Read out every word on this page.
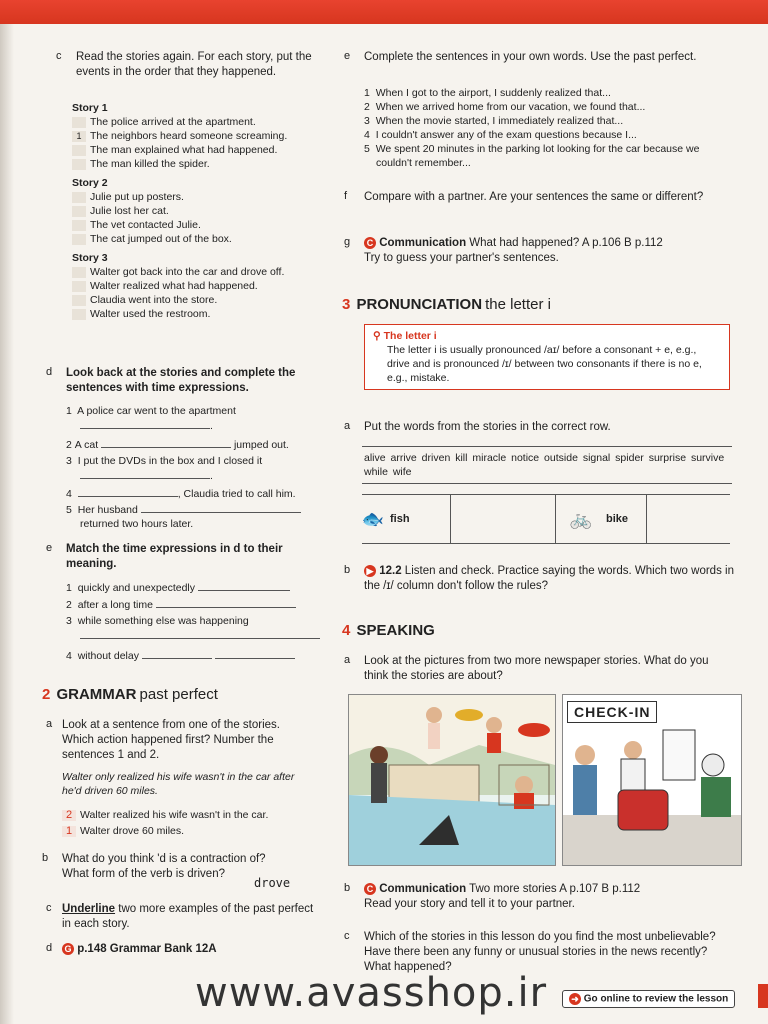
c Read the stories again. For each story, put the events in the order that they happened.
Story 1
The police arrived at the apartment.
1 The neighbors heard someone screaming.
The man explained what had happened.
The man killed the spider.
Story 2
Julie put up posters.
Julie lost her cat.
The vet contacted Julie.
The cat jumped out of the box.
Story 3
Walter got back into the car and drove off.
Walter realized what had happened.
Claudia went into the store.
Walter used the restroom.
d Look back at the stories and complete the sentences with time expressions.
1 A police car went to the apartment
.
2 A cat	jumped out.
3 I put the DVDs in the box and I closed it
.
4	, Claudia tried to call him.
5 Her husband
returned two hours later.
e Match the time expressions in d to their meaning.
1 quickly and unexpectedly
2 after a long time
3 while something else was happening

4 without delay
2 GRAMMAR past perfect
a Look at a sentence from one of the stories. Which action happened first? Number the sentences 1 and 2.
Walter only realized his wife wasn't in the car after he'd driven 60 miles.
2 Walter realized his wife wasn't in the car.
1 Walter drove 60 miles.
b What do you think 'd is a contraction of?
What form of the verb is driven?
drove
c Underline two more examples of the past perfect in each story.
d G p.148 Grammar Bank 12A
e Complete the sentences in your own words. Use the past perfect.
1 When I got to the airport, I suddenly realized that...
2 When we arrived home from our vacation, we found that...
3 When the movie started, I immediately realized that...
4 I couldn't answer any of the exam questions because I...
5 We spent 20 minutes in the parking lot looking for the car because we couldn't remember...
f Compare with a partner. Are your sentences the same or different?
g	C Communication What had happened? A p.106 B p.112
Try to guess your partner's sentences.
3 PRONUNCIATION the letter i
⚲ The letter i
The letter i is usually pronounced /aɪ/ before a consonant + e, e.g., drive and is pronounced /ɪ/ between two consonants if there is no e, e.g., mistake.
a Put the words from the stories in the correct row.
alive arrive driven kill miracle notice outside signal spider surprise survive while wife
🐟 fish	🚲	bike
b ▶ 12.2 Listen and check. Practice saying the words. Which two words in the /ɪ/ column don't follow the rules?
4 SPEAKING
a Look at the pictures from two more newspaper stories. What do you think the stories are about?
CHECK-IN
b	C Communication Two more stories A p.107 B p.112
Read your story and tell it to your partner.
c Which of the stories in this lesson do you find the most unbelievable? Have there been any funny or unusual stories in the news recently? What happened?
➜ Go online to review the lesson
www.avasshop.ir
